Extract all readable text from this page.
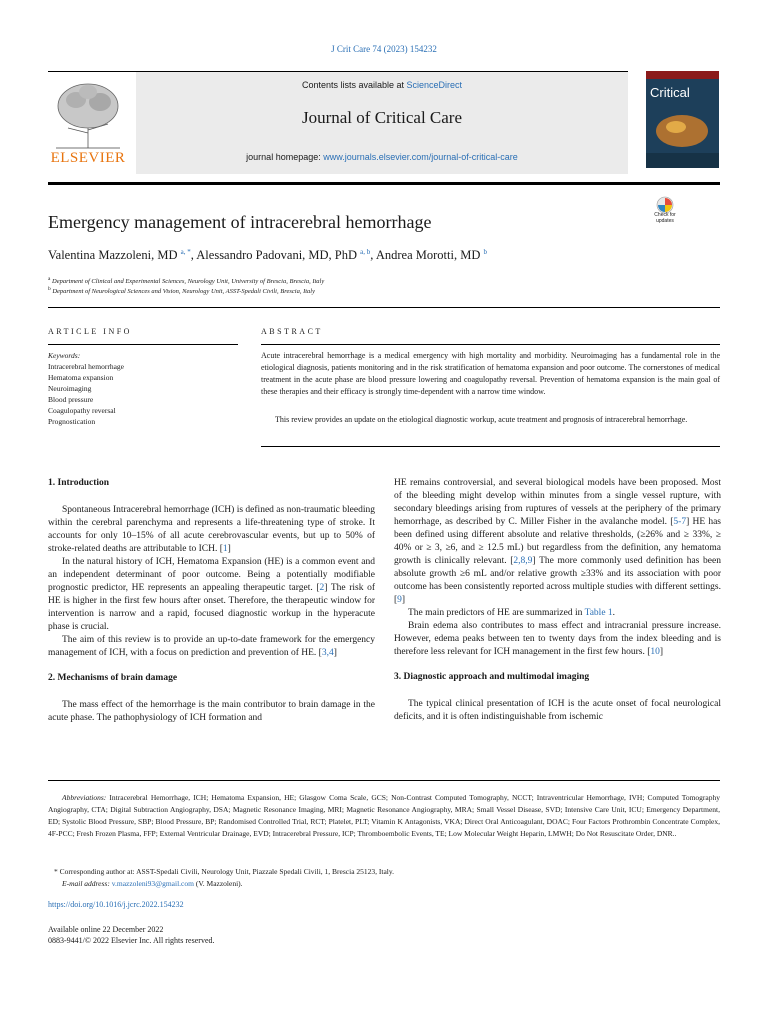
J Crit Care 74 (2023) 154232
ELSEVIER
Contents lists available at ScienceDirect
Journal of Critical Care
journal homepage: www.journals.elsevier.com/journal-of-critical-care
Critical
Emergency management of intracerebral hemorrhage	Check for updates
Valentina Mazzoleni, MD $^{a, *}$, Alessandro Padovani, MD, PhD $^{a, b}$, Andrea Morotti, MD $^b$
$^a$ Department of Clinical and Experimental Sciences, Neurology Unit, University of Brescia, Brescia, Italy
$^b$ Department of Neurological Sciences and Vision, Neurology Unit, ASST-Spedali Civili, Brescia, Italy
ARTICLE INFO
Keywords:
Intracerebral hemorrhage
Hematoma expansion
Neuroimaging
Blood pressure
Coagulopathy reversal
Prognostication
ABSTRACT
Acute intracerebral hemorrhage is a medical emergency with high mortality and morbidity. Neuroimaging has a fundamental role in the etiological diagnosis, patients monitoring and in the risk stratification of hematoma expansion and poor outcome. The cornerstones of medical treatment in the acute phase are blood pressure lowering and coagulopathy reversal. Prevention of hematoma expansion is the main goal of these therapies and their efficacy is strongly time-dependent with a narrow time window.
This review provides an update on the etiological diagnostic workup, acute treatment and prognosis of intracerebral hemorrhage.

1. Introduction

Spontaneous Intracerebral hemorrhage (ICH) is defined as non-traumatic bleeding within the cerebral parenchyma and represents a life-threatening type of stroke. It accounts for only 10–15% of all acute cerebrovascular events, but up to 50% of stroke-related deaths are attributable to ICH. [1]

In the natural history of ICH, Hematoma Expansion (HE) is a common event and an independent determinant of poor outcome. Being a potentially modifiable prognostic predictor, HE represents an appealing therapeutic target. [2] The risk of HE is higher in the first few hours after onset. Therefore, the therapeutic window for intervention is narrow and a rapid, focused diagnostic workup in the hyperacute phase is crucial.

The aim of this review is to provide an up-to-date framework for the emergency management of ICH, with a focus on prediction and prevention of HE. [3,4]

2. Mechanisms of brain damage

The mass effect of the hemorrhage is the main contributor to brain damage in the acute phase. The pathophysiology of ICH formation and

HE remains controversial, and several biological models have been proposed. Most of the bleeding might develop within minutes from a single vessel rupture, with secondary bleedings arising from ruptures of vessels at the periphery of the primary hemorrhage, as described by C. Miller Fisher in the avalanche model. [5-7] HE has been defined using different absolute and relative thresholds, (≥26% and ≥ 33%, ≥ 40% or ≥ 3, ≥6, and ≥ 12.5 mL) but regardless from the definition, any hematoma growth is clinically relevant. [2,8,9] The more commonly used definition has been absolute growth ≥6 mL and/or relative growth ≥33% and its association with poor outcome has been consistently reported across multiple studies with different settings. [9]

The main predictors of HE are summarized in Table 1.

Brain edema also contributes to mass effect and intracranial pressure increase. However, edema peaks between ten to twenty days from the index bleeding and is therefore less relevant for ICH management in the first few hours. [10]

3. Diagnostic approach and multimodal imaging

The typical clinical presentation of ICH is the acute onset of focal neurological deficits, and it is often indistinguishable from ischemic

Abbreviations: Intracerebral Hemorrhage, ICH; Hematoma Expansion, HE; Glasgow Coma Scale, GCS; Non-Contrast Computed Tomography, NCCT; Intraventricular Hemorrhage, IVH; Computed Tomography Angiography, CTA; Digital Subtraction Angiography, DSA; Magnetic Resonance Imaging, MRI; Magnetic Resonance Angiography, MRA; Small Vessel Disease, SVD; Intensive Care Unit, ICU; Emergency Department, ED; Systolic Blood Pressure, SBP; Blood Pressure, BP; Randomised Controlled Trial, RCT; Platelet, PLT; Vitamin K Antagonists, VKA; Direct Oral Anticoagulant, DOAC; Four Factors Prothrombin Concentrate Complex, 4F-PCC; Fresh Frozen Plasma, FFP; External Ventricular Drainage, EVD; Intracerebral Pressure, ICP; Thromboembolic Events, TE; Low Molecular Weight Heparin, LMWH; Do Not Resuscitate Order, DNR..
* Corresponding author at: ASST-Spedali Civili, Neurology Unit, Piazzale Spedali Civili, 1, Brescia 25123, Italy.
E-mail address: v.mazzoleni93@gmail.com (V. Mazzoleni).
https://doi.org/10.1016/j.jcrc.2022.154232
Available online 22 December 2022
0883-9441/© 2022 Elsevier Inc. All rights reserved.
